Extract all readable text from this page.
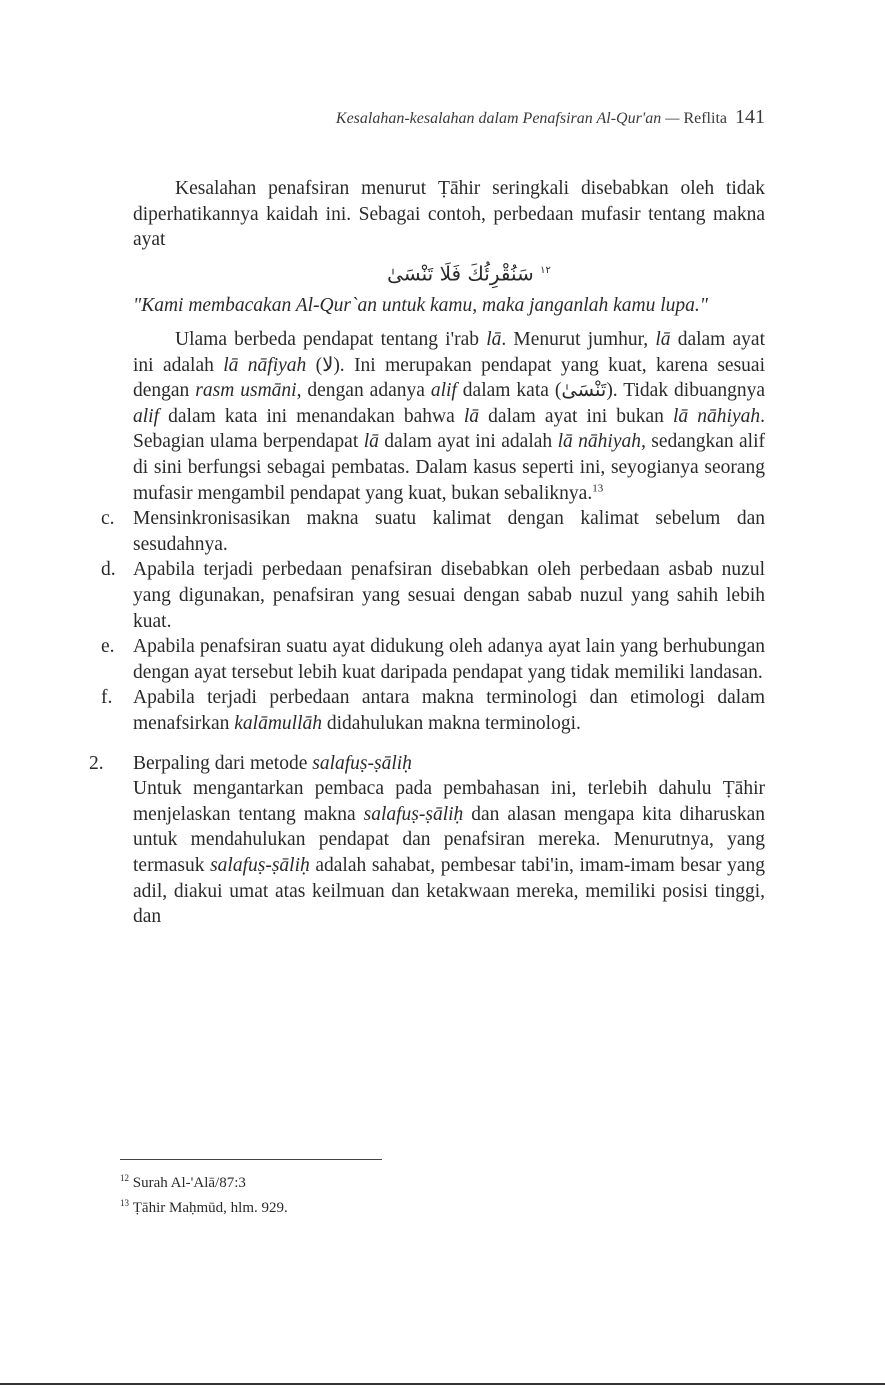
Kesalahan-kesalahan dalam Penafsiran Al-Qur'an — Reflita 141

Kesalahan penafsiran menurut Ṭāhir seringkali disebabkan oleh tidak diperhatikannya kaidah ini. Sebagai contoh, perbedaan mufasir tentang makna ayat

$^{١٢}$ سَنُقْرِئُكَ فَلَا تَنْسَىٰ

"Kami membacakan Al-Qur`an untuk kamu, maka janganlah kamu lupa."

Ulama berbeda pendapat tentang i'rab lā. Menurut jumhur, lā dalam ayat ini adalah lā nāfiyah (لا). Ini merupakan pendapat yang kuat, karena sesuai dengan rasm usmāni, dengan adanya alif dalam kata (تَنْسَىٰ). Tidak dibuangnya alif dalam kata ini menandakan bahwa lā dalam ayat ini bukan lā nāhiyah. Sebagian ulama berpendapat lā dalam ayat ini adalah lā nāhiyah, sedangkan alif di sini berfungsi sebagai pembatas. Dalam kasus seperti ini, seyogianya seorang mufasir mengambil pendapat yang kuat, bukan sebaliknya.$^{13}$

c. Mensinkronisasikan makna suatu kalimat dengan kalimat sebelum dan sesudahnya.

d. Apabila terjadi perbedaan penafsiran disebabkan oleh perbedaan asbab nuzul yang digunakan, penafsiran yang sesuai dengan sabab nuzul yang sahih lebih kuat.

e. Apabila penafsiran suatu ayat didukung oleh adanya ayat lain yang berhubungan dengan ayat tersebut lebih kuat daripada pendapat yang tidak memiliki landasan.

f. Apabila terjadi perbedaan antara makna terminologi dan etimologi dalam menafsirkan kalāmullāh didahulukan makna terminologi.

2. Berpaling dari metode salafuṣ-ṣāliḥ

Untuk mengantarkan pembaca pada pembahasan ini, terlebih dahulu Ṭāhir menjelaskan tentang makna salafuṣ-ṣāliḥ dan alasan mengapa kita diharuskan untuk mendahulukan pendapat dan penafsiran mereka. Menurutnya, yang termasuk salafuṣ-ṣāliḥ adalah sahabat, pembesar tabi'in, imam-imam besar yang adil, diakui umat atas keilmuan dan ketakwaan mereka, memiliki posisi tinggi, dan

$^{12}$ Surah Al-'Alā/87:3

$^{13}$ Ṭāhir Maḥmūd, hlm. 929.
